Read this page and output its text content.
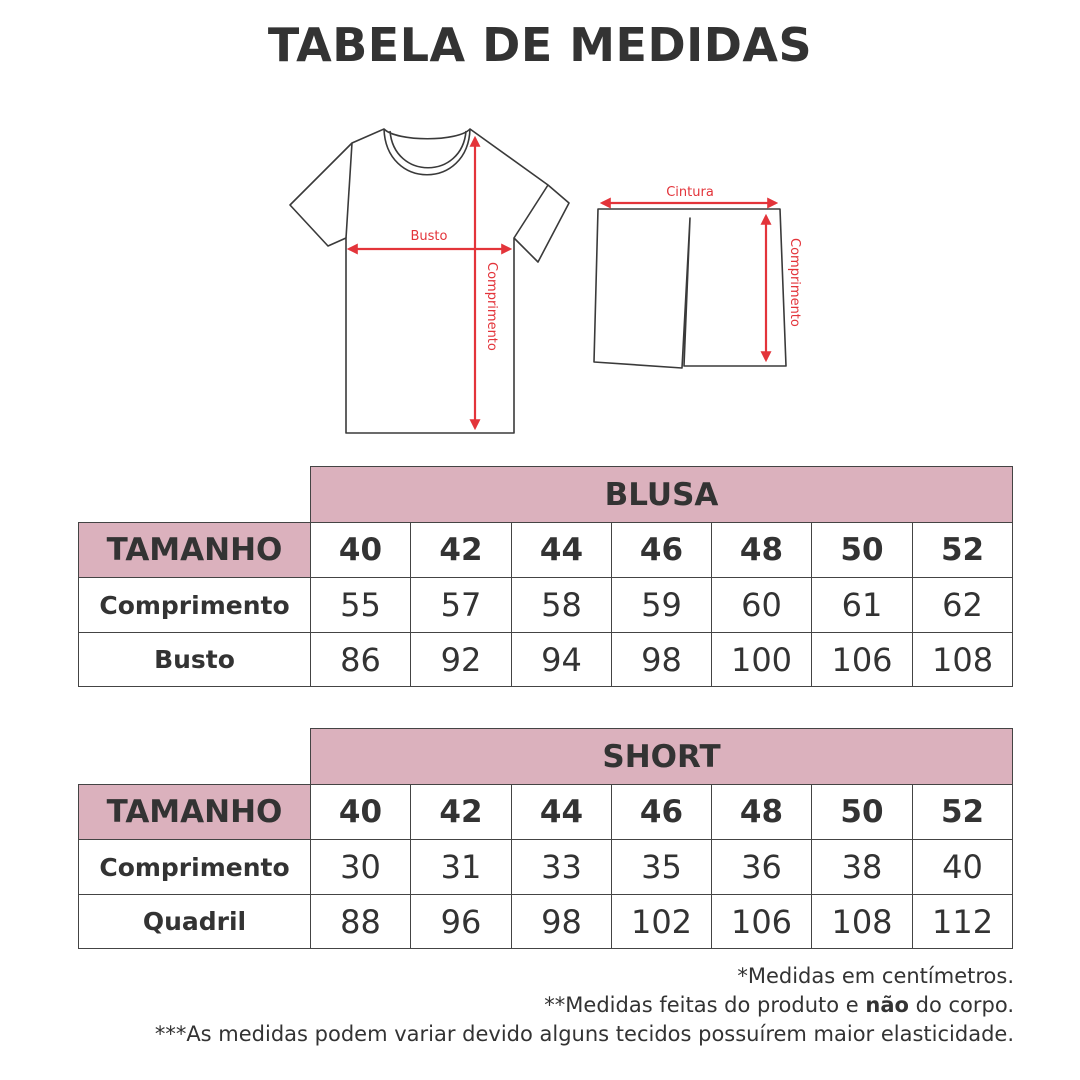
TABELA DE MEDIDAS
Busto
Comprimento
Cintura
Comprimento
	BLUSA						
TAMANHO	40	42	44	46	48	50	52
Comprimento	55	57	58	59	60	61	62
Busto	86	92	94	98	100	106	108
	SHORT						
TAMANHO	40	42	44	46	48	50	52
Comprimento	30	31	33	35	36	38	40
Quadril	88	96	98	102	106	108	112
*Medidas em centímetros.
**Medidas feitas do produto e não do corpo.
***As medidas podem variar devido alguns tecidos possuírem maior elasticidade.
